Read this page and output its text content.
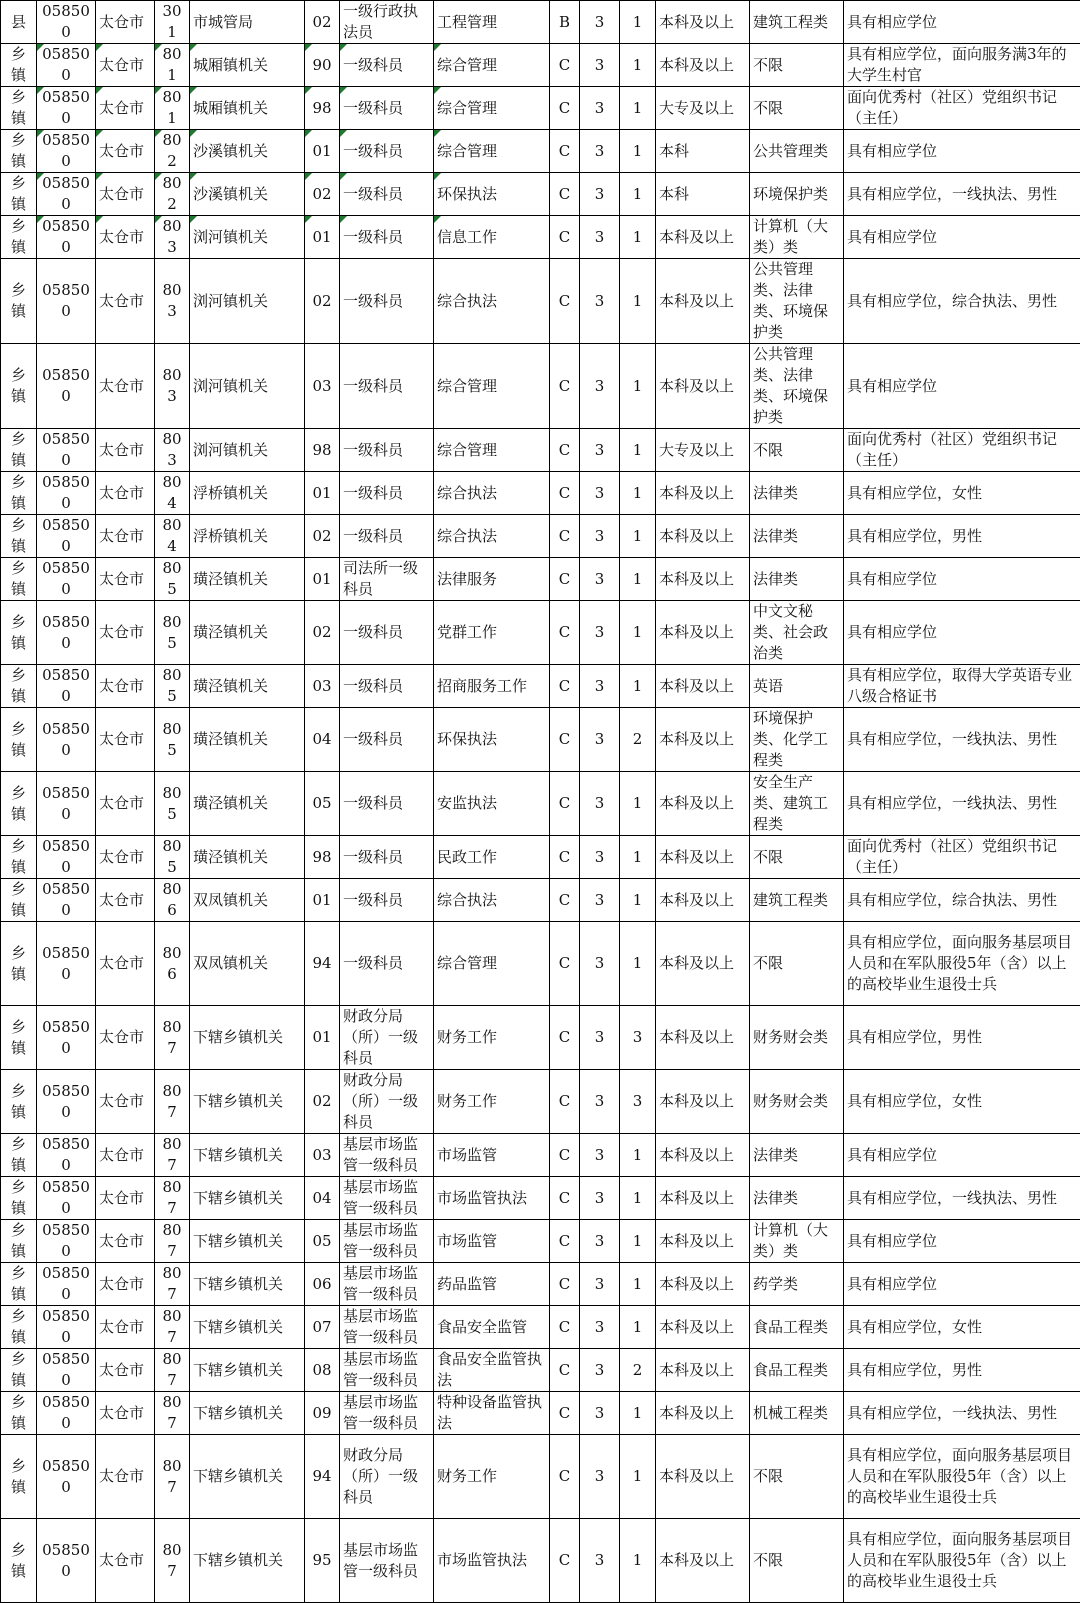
县	058500	太仓市	301	市城管局	02	一级行政执法员	工程管理	B	3	1	本科及以上	建筑工程类	具有相应学位
乡镇	058500	太仓市	801	城厢镇机关	90	一级科员	综合管理	C	3	1	本科及以上	不限	具有相应学位，面向服务满3年的大学生村官
乡镇	058500	太仓市	801	城厢镇机关	98	一级科员	综合管理	C	3	1	大专及以上	不限	面向优秀村（社区）党组织书记（主任）
乡镇	058500	太仓市	802	沙溪镇机关	01	一级科员	综合管理	C	3	1	本科	公共管理类	具有相应学位
乡镇	058500	太仓市	802	沙溪镇机关	02	一级科员	环保执法	C	3	1	本科	环境保护类	具有相应学位，一线执法、男性
乡镇	058500	太仓市	803	浏河镇机关	01	一级科员	信息工作	C	3	1	本科及以上	计算机（大类）类	具有相应学位
乡镇	058500	太仓市	803	浏河镇机关	02	一级科员	综合执法	C	3	1	本科及以上	公共管理类、法律类、环境保护类	具有相应学位，综合执法、男性
乡镇	058500	太仓市	803	浏河镇机关	03	一级科员	综合管理	C	3	1	本科及以上	公共管理类、法律类、环境保护类	具有相应学位
乡镇	058500	太仓市	803	浏河镇机关	98	一级科员	综合管理	C	3	1	大专及以上	不限	面向优秀村（社区）党组织书记（主任）
乡镇	058500	太仓市	804	浮桥镇机关	01	一级科员	综合执法	C	3	1	本科及以上	法律类	具有相应学位，女性
乡镇	058500	太仓市	804	浮桥镇机关	02	一级科员	综合执法	C	3	1	本科及以上	法律类	具有相应学位，男性
乡镇	058500	太仓市	805	璜泾镇机关	01	司法所一级科员	法律服务	C	3	1	本科及以上	法律类	具有相应学位
乡镇	058500	太仓市	805	璜泾镇机关	02	一级科员	党群工作	C	3	1	本科及以上	中文文秘类、社会政治类	具有相应学位
乡镇	058500	太仓市	805	璜泾镇机关	03	一级科员	招商服务工作	C	3	1	本科及以上	英语	具有相应学位，取得大学英语专业八级合格证书
乡镇	058500	太仓市	805	璜泾镇机关	04	一级科员	环保执法	C	3	2	本科及以上	环境保护类、化学工程类	具有相应学位，一线执法、男性
乡镇	058500	太仓市	805	璜泾镇机关	05	一级科员	安监执法	C	3	1	本科及以上	安全生产类、建筑工程类	具有相应学位，一线执法、男性
乡镇	058500	太仓市	805	璜泾镇机关	98	一级科员	民政工作	C	3	1	本科及以上	不限	面向优秀村（社区）党组织书记（主任）
乡镇	058500	太仓市	806	双凤镇机关	01	一级科员	综合执法	C	3	1	本科及以上	建筑工程类	具有相应学位，综合执法、男性
乡镇	058500	太仓市	806	双凤镇机关	94	一级科员	综合管理	C	3	1	本科及以上	不限	具有相应学位，面向服务基层项目人员和在军队服役5年（含）以上的高校毕业生退役士兵
乡镇	058500	太仓市	807	下辖乡镇机关	01	财政分局（所）一级科员	财务工作	C	3	3	本科及以上	财务财会类	具有相应学位，男性
乡镇	058500	太仓市	807	下辖乡镇机关	02	财政分局（所）一级科员	财务工作	C	3	3	本科及以上	财务财会类	具有相应学位，女性
乡镇	058500	太仓市	807	下辖乡镇机关	03	基层市场监管一级科员	市场监管	C	3	1	本科及以上	法律类	具有相应学位
乡镇	058500	太仓市	807	下辖乡镇机关	04	基层市场监管一级科员	市场监管执法	C	3	1	本科及以上	法律类	具有相应学位，一线执法、男性
乡镇	058500	太仓市	807	下辖乡镇机关	05	基层市场监管一级科员	市场监管	C	3	1	本科及以上	计算机（大类）类	具有相应学位
乡镇	058500	太仓市	807	下辖乡镇机关	06	基层市场监管一级科员	药品监管	C	3	1	本科及以上	药学类	具有相应学位
乡镇	058500	太仓市	807	下辖乡镇机关	07	基层市场监管一级科员	食品安全监管	C	3	1	本科及以上	食品工程类	具有相应学位，女性
乡镇	058500	太仓市	807	下辖乡镇机关	08	基层市场监管一级科员	食品安全监管执法	C	3	2	本科及以上	食品工程类	具有相应学位，男性
乡镇	058500	太仓市	807	下辖乡镇机关	09	基层市场监管一级科员	特种设备监管执法	C	3	1	本科及以上	机械工程类	具有相应学位，一线执法、男性
乡镇	058500	太仓市	807	下辖乡镇机关	94	财政分局（所）一级科员	财务工作	C	3	1	本科及以上	不限	具有相应学位，面向服务基层项目人员和在军队服役5年（含）以上的高校毕业生退役士兵
乡镇	058500	太仓市	807	下辖乡镇机关	95	基层市场监管一级科员	市场监管执法	C	3	1	本科及以上	不限	具有相应学位，面向服务基层项目人员和在军队服役5年（含）以上的高校毕业生退役士兵
